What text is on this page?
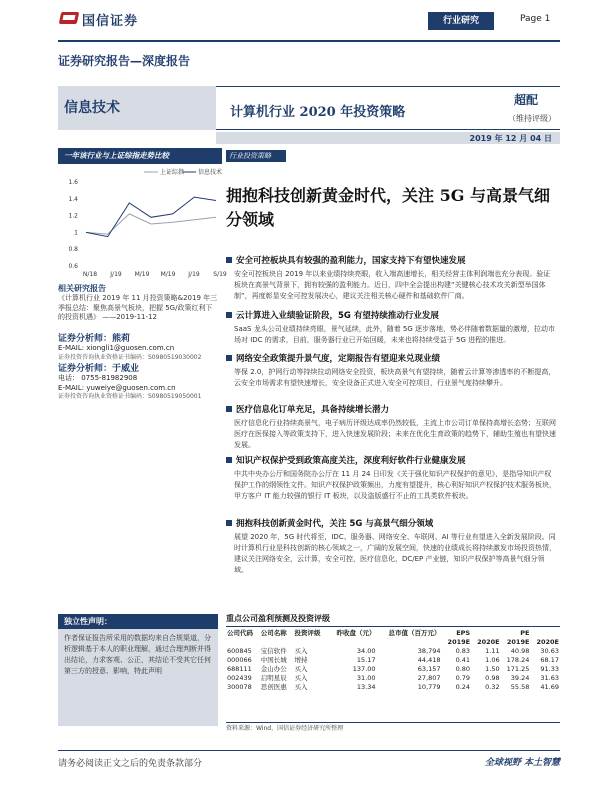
国信证券	行业研究	Page 1
证券研究报告—深度报告
信息技术	计算机行业 2020 年投资策略
超配
（维持评级）
2019 年 12 月 04 日
一年该行业与上证综指走势比较
上证综指 信息技术
1.6
1.4
1.2
1
0.8
0.6
N/18 J/19 M/19 M/19 J/19 S/19
相关研究报告
《计算机行业 2019 年 11 月投资策略&2019 年三季报总结：聚焦高景气板块，把握 5G/政策红利下的投资机遇》 ——2019-11-12
证券分析师：熊莉
E-MAIL: xiongli1@guosen.com.cn
证券投资咨询执业资格证书编码：S0980519030002
证券分析师：于威业
电话： 0755-81982908
E-MAIL: yuweiye@guosen.com.cn
证券投资咨询执业资格证书编码：S0980519050001
行业投资策略
拥抱科技创新黄金时代，关注 5G 与高景气细分领域
安全可控板块具有较强的盈利能力，国家支持下有望快速发展
安全可控板块自 2019 年以来业绩持续亮眼，收入端高速增长，相关经营主体利润端也充分表现。验证板块在高景气背景下，拥有较强的盈利能力。近日，四中全会提出构建“关键核心技术攻关新型举国体制”，再度彰显安全可控发展决心，建议关注相关核心硬件和基础软件厂商。
云计算进入业绩验证阶段，5G 有望持续推动行业发展
SaaS 龙头公司业绩持续亮眼，景气延续，此外，随着 5G 逐步落地，势必伴随着数据量的激增，拉动市场对 IDC 的需求，目前，服务器行业已开始回暖，未来也将持续受益于 5G 进程的推进。
网络安全政策提升景气度，定期报告有望迎来兑现业绩
等保 2.0，护网行动等持续拉动网络安全投资，板块高景气有望持续，随着云计算等渗透率的不断提高，云安全市场需求有望快速增长，安全设备正式进入安全可控项目，行业景气度持续攀升。
医疗信息化订单充足，具备持续增长潜力
医疗信息化行业持续高景气，电子病历评级达成率仍然较低，主流上市公司订单保持高增长态势；互联网医疗在医保接入等政策支持下，进入快速发展阶段；未来在优化生育政策的趋势下，辅助生殖也有望快速发展。
知识产权保护受到政策高度关注，深度利好软件行业健康发展
中共中央办公厅和国务院办公厅在 11 月 24 日印发《关于强化知识产权保护的意见》，是指导知识产权保护工作的纲领性文件。知识产权保护政策频出，力度有望提升，核心利好知识产权保护技术服务板块，甲方客户 IT 能力较强的银行 IT 板块，以及盗版盛行不止的工具类软件板块。
拥抱科技创新黄金时代，关注 5G 与高景气细分领域
展望 2020 年，5G 时代将至，IDC、服务器、网络安全、车联网、AI 等行业有望进入全新发展阶段。同时计算机行业是科技创新的核心领域之一，广阔的发展空间，快速的业绩成长将持续激发市场投资热情，建议关注网络安全，云计算，安全可控，医疗信息化，DC/EP 产业链，知识产权保护等高景气细分领域。
独立性声明：
作者保证报告所采用的数据均来自合规渠道，分析逻辑基于本人的职业理解，通过合理判断并得出结论，力求客观、公正，其结论不受其它任何第三方的授意、影响，特此声明
重点公司盈利预测及投资评级
公司代码	公司名称	投资评级	昨收盘（元）	总市值（百万元）	EPS		PE	
					2019E	2020E	2019E	2020E
600845	宝信软件	买入	34.00	38,794	0.83	1.11	40.98	30.63
000066	中国长城	增持	15.17	44,418	0.41	1.06	178.24	68.17
688111	金山办公	买入	137.00	63,157	0.80	1.50	171.25	91.33
002439	启明星辰	买入	31.00	27,807	0.79	0.98	39.24	31.63
300078	思创医惠	买入	13.34	10,779	0.24	0.32	55.58	41.69
资料来源：Wind、国信证券经济研究所整理
请务必阅读正文之后的免责条款部分	全球视野 本土智慧
